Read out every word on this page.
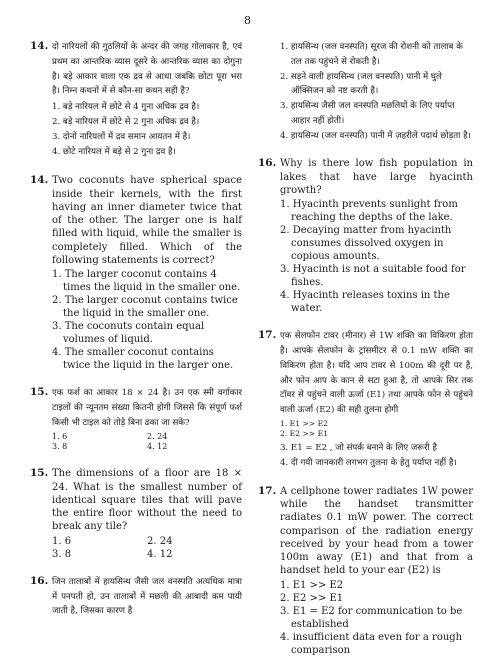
8
14. दो नारियलों की गुठलियों के अन्दर की जगह गोलाकार है, एवं प्रथम का आन्तरिक व्यास दूसरे के आन्तरिक व्यास का दोगुना है। बड़े आकार वाला एक द्रव से आधा जबकि छोटा पूरा भरा है। निम्न कथनों में से कौन-सा कथन सही है?
1. बड़े नारियल में छोटे से 4 गुना अधिक द्रव है।
2. बड़े नारियल में छोटे से 2 गुना अधिक द्रव है।
3. दोनों नारियलों में द्रव समान आयतन में है।
4. छोटे नारियल में बड़े से 2 गुना द्रव है।
14. Two coconuts have spherical space inside their kernels, with the first having an inner diameter twice that of the other. The larger one is half filled with liquid, while the smaller is completely filled. Which of the following statements is correct?
1. The larger coconut contains 4 times the liquid in the smaller one.
2. The larger coconut contains twice the liquid in the smaller one.
3. The coconuts contain equal volumes of liquid.
4. The smaller coconut contains twice the liquid in the larger one.
15. एक फर्श का आकार 18 × 24 है। उन एक स्मी वर्गाकार टाइलों की न्यूनतम संख्या कितनी होगी जिससे कि संपूर्ण फर्श किसी भी टाइल को तोड़े बिना ढका जा सके?
1. 6	2. 24
3. 8	4. 12
15. The dimensions of a floor are 18 × 24. What is the smallest number of identical square tiles that will pave the entire floor without the need to break any tile?
1. 6	2. 24
3. 8	4. 12
16. जिन तालाबों में हायसिन्थ जैसी जल वनस्पति अत्यधिक मात्रा में पनपती हो, उन तालाबों में मछली की आबादी कम पायी जाती है, जिसका कारण है
1. हायसिन्थ (जल वनस्पति) सूरज की रोशनी को तालाब के तल तक पहुंचने से रोकती है।
2. सड़ने वाली हायसिन्थ (जल वनस्पति) पानी में घुले ऑक्सिजन को नष्ट करती है।
3. हायसिन्थ जैसी जल वनस्पति मछलियों के लिए पर्याप्त आहार नहीं होती।
4. हायसिन्थ (जल वनस्पति) पानी में ज़हरीले पदार्थ छोड़ता है।
16. Why is there low fish population in lakes that have large hyacinth growth?
1. Hyacinth prevents sunlight from reaching the depths of the lake.
2. Decaying matter from hyacinth consumes dissolved oxygen in copious amounts.
3. Hyacinth is not a suitable food for fishes.
4. Hyacinth releases toxins in the water.
17. एक सेलफोन टावर (मीनार) से 1W शक्ति का विकिरण होता है। आपके सेलफोन के ट्रांसमीटर से 0.1 mW शक्ति का विकिरण होता है। यदि आप टावर से 100m की दूरी पर है, और फोन आप के कान से सटा हुआ है, तो आपके सिर तक टॉवर से पहुंचने वाली ऊर्जा (E1) तथा आपके फोन से पहुंचने वाली ऊर्जा (E2) की सही तुलना होगी
1. E1 >> E2
2. E2 >> E1
3. E1 = E2 , जो संपर्क बनाने के लिए जरूरी है
4. दी गयी जानकारी लगभग तुलना के हेतु पर्याप्त नहीं है।
17. A cellphone tower radiates 1W power while the handset transmitter radiates 0.1 mW power. The correct comparison of the radiation energy received by your head from a tower 100m away (E1) and that from a handset held to your ear (E2) is
1. E1 >> E2
2. E2 >> E1
3. E1 = E2 for communication to be established
4. insufficient data even for a rough comparison
